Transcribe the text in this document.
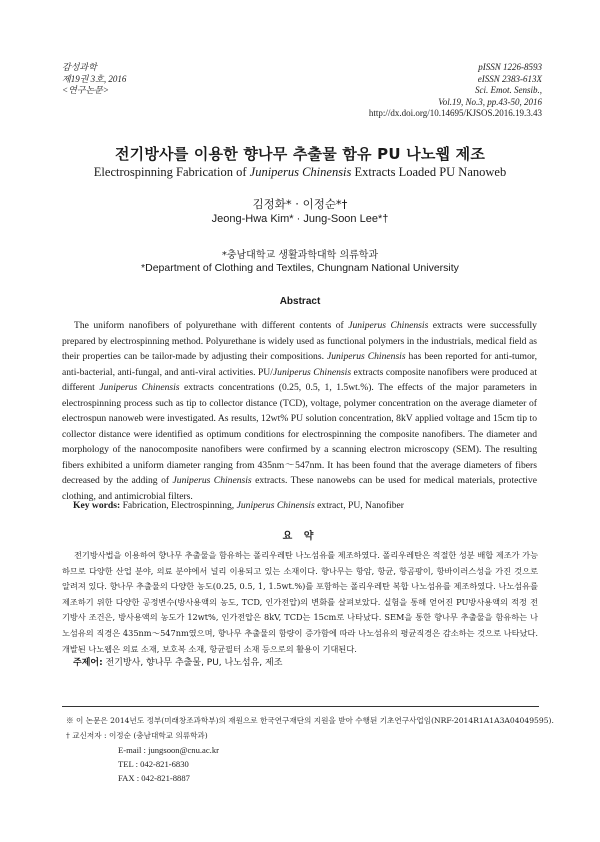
감성과학
제19권 3호, 2016
<연구논문>
pISSN 1226-8593
eISSN 2383-613X
Sci. Emot. Sensib.,
Vol.19, No.3, pp.43-50, 2016
http://dx.doi.org/10.14695/KJSOS.2016.19.3.43
전기방사를 이용한 향나무 추출물 함유 PU 나노웹 제조
Electrospinning Fabrication of Juniperus Chinensis Extracts Loaded PU Nanoweb
김정화* · 이정순*†
Jeong-Hwa Kim* · Jung-Soon Lee*†
*충남대학교 생활과학대학 의류학과
*Department of Clothing and Textiles, Chungnam National University
Abstract

The uniform nanofibers of polyurethane with different contents of Juniperus Chinensis extracts were successfully prepared by electrospinning method. Polyurethane is widely used as functional polymers in the industrials, medical field as their properties can be tailor-made by adjusting their compositions. Juniperus Chinensis has been reported for anti-tumor, anti-bacterial, anti-fungal, and anti-viral activities. PU/Juniperus Chinensis extracts composite nanofibers were produced at different Juniperus Chinensis extracts concentrations (0.25, 0.5, 1, 1.5wt.%). The effects of the major parameters in electrospinning process such as tip to collector distance (TCD), voltage, polymer concentration on the average diameter of electrospun nanoweb were investigated. As results, 12wt% PU solution concentration, 8kV applied voltage and 15cm tip to collector distance were identified as optimum conditions for electrospinning the composite nanofibers. The diameter and morphology of the nanocomposite nanofibers were confirmed by a scanning electron microscopy (SEM). The resulting fibers exhibited a uniform diameter ranging from 435nm～547nm. It has been found that the average diameters of fibers decreased by the adding of Juniperus Chinensis extracts. These nanowebs can be used for medical materials, protective clothing, and antimicrobial filters.

Key words: Fabrication, Electrospinning, Juniperus Chinensis extract, PU, Nanofiber
요 약

전기방사법을 이용하여 향나무 추출물을 함유하는 폴리우레탄 나노섬유를 제조하였다. 폴리우레탄은 적절한 성분 배합 제조가 가능하므로 다양한 산업 분야, 의료 분야에서 널리 이용되고 있는 소재이다. 향나무는 항암, 항균, 항곰팡이, 항바이러스성을 가진 것으로 알려져 있다. 향나무 추출물의 다양한 농도(0.25, 0.5, 1, 1.5wt.%)를 포함하는 폴리우레탄 복합 나노섬유를 제조하였다. 나노섬유를 제조하기 위한 다양한 공정변수(방사용액의 농도, TCD, 인가전압)의 변화를 살펴보았다. 실험을 통해 얻어진 PU방사용액의 적정 전기방사 조건은, 방사용액의 농도가 12wt%, 인가전압은 8kV, TCD는 15cm로 나타났다. SEM을 통한 향나무 추출물을 함유하는 나노섬유의 직경은 435nm～547nm였으며, 향나무 추출물의 함량이 증가함에 따라 나노섬유의 평균직경은 감소하는 것으로 나타났다. 개발된 나노웹은 의료 소재, 보호복 소재, 항균필터 소재 등으로의 활용이 기대된다.

주제어: 전기방사, 향나무 추출물, PU, 나노섬유, 제조
※ 이 논문은 2014년도 정부(미래창조과학부)의 재원으로 한국연구재단의 지원을 받아 수행된 기초연구사업임(NRF-2014R1A1A3A04049595).
† 교신저자 : 이정순 (충남대학교 의류학과)
E-mail : jungsoon@cnu.ac.kr
TEL : 042-821-6830
FAX : 042-821-8887
